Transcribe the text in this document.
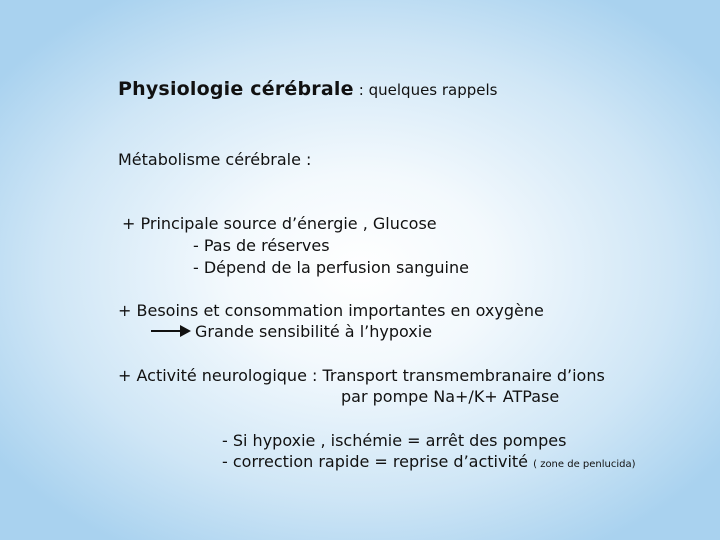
Physiologie cérébrale : quelques rappels
Métabolisme cérébrale :
+ Principale source d’énergie , Glucose
- Pas de réserves
- Dépend de la perfusion sanguine
+ Besoins et consommation importantes en oxygène
Grande sensibilité à l’hypoxie
+ Activité neurologique : Transport transmembranaire d’ions
par pompe Na+/K+ ATPase
- Si hypoxie , ischémie = arrêt des pompes
- correction rapide = reprise d’activité ( zone de penlucida)
